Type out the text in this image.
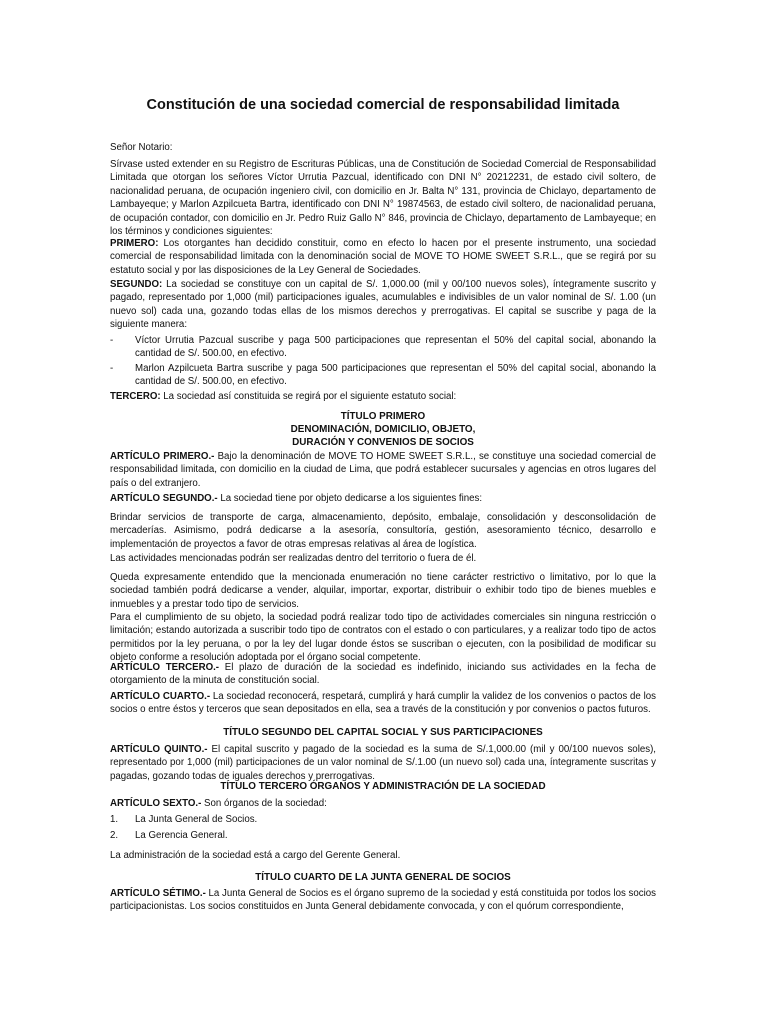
Constitución de una sociedad comercial de responsabilidad limitada

Señor Notario:

Sírvase usted extender en su Registro de Escrituras Públicas, una de Constitución de Sociedad Comercial de Responsabilidad Limitada que otorgan los señores Víctor Urrutia Pazcual, identificado con DNI N° 20212231, de estado civil soltero, de nacionalidad peruana, de ocupación ingeniero civil, con domicilio en Jr. Balta N° 131, provincia de Chiclayo, departamento de Lambayeque; y Marlon Azpilcueta Bartra, identificado con DNI N° 19874563, de estado civil soltero, de nacionalidad peruana, de ocupación contador, con domicilio en Jr. Pedro Ruiz Gallo N° 846, provincia de Chiclayo, departamento de Lambayeque; en los términos y condiciones siguientes:

PRIMERO: Los otorgantes han decidido constituir, como en efecto lo hacen por el presente instrumento, una sociedad comercial de responsabilidad limitada con la denominación social de MOVE TO HOME SWEET S.R.L., que se regirá por su estatuto social y por las disposiciones de la Ley General de Sociedades.

SEGUNDO: La sociedad se constituye con un capital de S/. 1,000.00 (mil y 00/100 nuevos soles), íntegramente suscrito y pagado, representado por 1,000 (mil) participaciones iguales, acumulables e indivisibles de un valor nominal de S/. 1.00 (un nuevo sol) cada una, gozando todas ellas de los mismos derechos y prerrogativas. El capital se suscribe y paga de la siguiente manera:

- Víctor Urrutia Pazcual suscribe y paga 500 participaciones que representan el 50% del capital social, abonando la cantidad de S/. 500.00, en efectivo.
- Marlon Azpilcueta Bartra suscribe y paga 500 participaciones que representan el 50% del capital social, abonando la cantidad de S/. 500.00, en efectivo.

TERCERO: La sociedad así constituida se regirá por el siguiente estatuto social:

TÍTULO PRIMERO
DENOMINACIÓN, DOMICILIO, OBJETO,
DURACIÓN Y CONVENIOS DE SOCIOS

ARTÍCULO PRIMERO.- Bajo la denominación de MOVE TO HOME SWEET S.R.L., se constituye una sociedad comercial de responsabilidad limitada, con domicilio en la ciudad de Lima, que podrá establecer sucursales y agencias en otros lugares del país o del extranjero.

ARTÍCULO SEGUNDO.- La sociedad tiene por objeto dedicarse a los siguientes fines:

Brindar servicios de transporte de carga, almacenamiento, depósito, embalaje, consolidación y desconsolidación de mercaderías. Asimismo, podrá dedicarse a la asesoría, consultoría, gestión, asesoramiento técnico, desarrollo e implementación de proyectos a favor de otras empresas relativas al área de logística.

Las actividades mencionadas podrán ser realizadas dentro del territorio o fuera de él.

Queda expresamente entendido que la mencionada enumeración no tiene carácter restrictivo o limitativo, por lo que la sociedad también podrá dedicarse a vender, alquilar, importar, exportar, distribuir o exhibir todo tipo de bienes muebles e inmuebles y a prestar todo tipo de servicios.

Para el cumplimiento de su objeto, la sociedad podrá realizar todo tipo de actividades comerciales sin ninguna restricción o limitación; estando autorizada a suscribir todo tipo de contratos con el estado o con particulares, y a realizar todo tipo de actos permitidos por la ley peruana, o por la ley del lugar donde éstos se suscriban o ejecuten, con la posibilidad de modificar su objeto conforme a resolución adoptada por el órgano social competente.

ARTÍCULO TERCERO.- El plazo de duración de la sociedad es indefinido, iniciando sus actividades en la fecha de otorgamiento de la minuta de constitución social.

ARTÍCULO CUARTO.- La sociedad reconocerá, respetará, cumplirá y hará cumplir la validez de los convenios o pactos de los socios o entre éstos y terceros que sean depositados en ella, sea a través de la constitución y por convenios o pactos futuros.

TÍTULO SEGUNDO DEL CAPITAL SOCIAL Y SUS PARTICIPACIONES

ARTÍCULO QUINTO.- El capital suscrito y pagado de la sociedad es la suma de S/.1,000.00 (mil y 00/100 nuevos soles), representado por 1,000 (mil) participaciones de un valor nominal de S/.1.00 (un nuevo sol) cada una, íntegramente suscritas y pagadas, gozando todas de iguales derechos y prerrogativas.

TÍTULO TERCERO ÓRGANOS Y ADMINISTRACIÓN DE LA SOCIEDAD

ARTÍCULO SEXTO.- Son órganos de la sociedad:

1. La Junta General de Socios.
2. La Gerencia General.

La administración de la sociedad está a cargo del Gerente General.

TÍTULO CUARTO DE LA JUNTA GENERAL DE SOCIOS

ARTÍCULO SÉTIMO.- La Junta General de Socios es el órgano supremo de la sociedad y está constituida por todos los socios participacionistas. Los socios constituidos en Junta General debidamente convocada, y con el quórum correspondiente,
